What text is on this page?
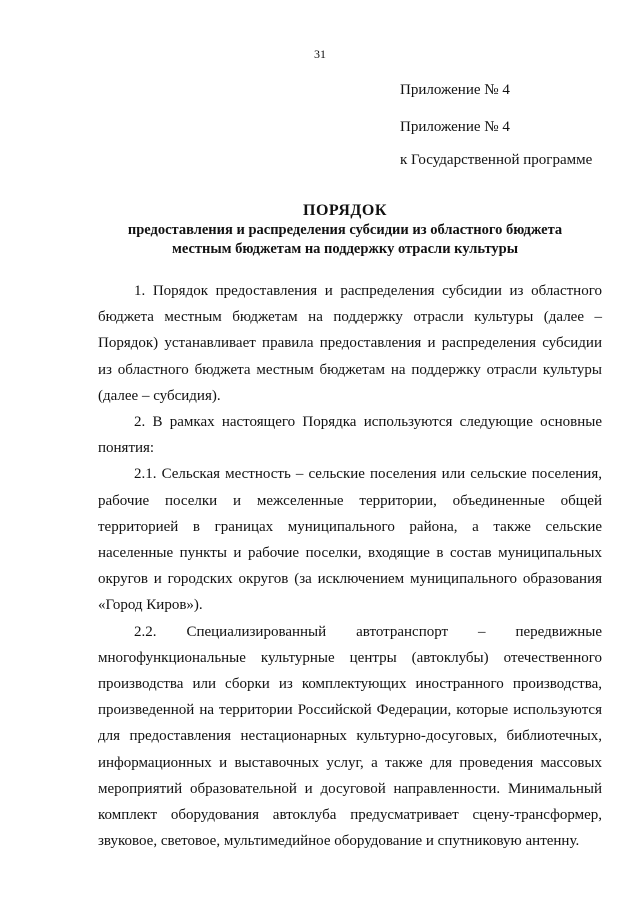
31
Приложение № 4
Приложение № 4
к Государственной программе
ПОРЯДОК
предоставления и распределения субсидии из областного бюджета
местным бюджетам на поддержку отрасли культуры

1. Порядок предоставления и распределения субсидии из областного бюджета местным бюджетам на поддержку отрасли культуры (далее – Порядок) устанавливает правила предоставления и распределения субсидии из областного бюджета местным бюджетам на поддержку отрасли культуры (далее – субсидия).

2. В рамках настоящего Порядка используются следующие основные понятия:

2.1. Сельская местность – сельские поселения или сельские поселения, рабочие поселки и межселенные территории, объединенные общей территорией в границах муниципального района, а также сельские населенные пункты и рабочие поселки, входящие в состав муниципальных округов и городских округов (за исключением муниципального образования «Город Киров»).

2.2. Специализированный автотранспорт – передвижные многофункциональные культурные центры (автоклубы) отечественного производства или сборки из комплектующих иностранного производства, произведенной на территории Российской Федерации, которые используются для предоставления нестационарных культурно-досуговых, библиотечных, информационных и выставочных услуг, а также для проведения массовых мероприятий образовательной и досуговой направленности. Минимальный комплект оборудования автоклуба предусматривает сцену-трансформер, звуковое, световое, мультимедийное оборудование и спутниковую антенну.
